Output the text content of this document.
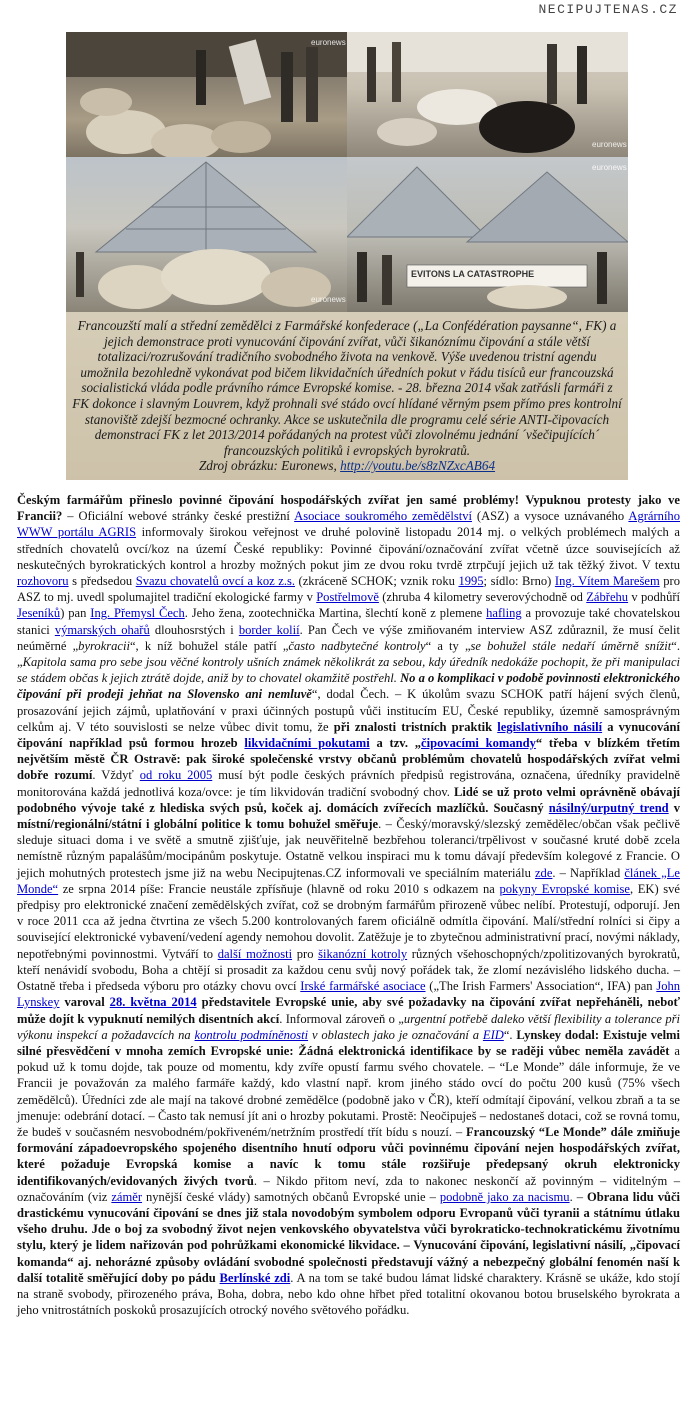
NECIPUJTENAS.CZ
euronews
euronews
euronews
EVITONS LA CATASTROPHE
euronews

Francouzští malí a střední zemědělci z Farmářské konfederace („La Confédération paysanne“, FK) a jejich demonstrace proti vynucování čipování zvířat, vůči šikanóznímu čipování a stále větší totalizaci/rozrušování tradičního svobodného života na venkově. Výše uvedenou tristní agendu umožnila bezohledně vykonávat pod bičem likvidačních úředních pokut v řádu tisíců eur francouzská socialistická vláda podle právního rámce Evropské komise. - 28. března 2014 však zatřásli farmáři z FK dokonce i slavným Louvrem, když prohnali své stádo ovcí hlídané věrným psem přímo pres kontrolní stanoviště zdejší bezmocné ochranky. Akce se uskutečnila dle programu celé série ANTI-čipovacích demonstrací FK z let 2013/2014 pořádaných na protest vůči zlovolnému jednání ´všečipujících´ francouzských politiků i evropských byrokratů.
Zdroj obrázku: Euronews, http://youtu.be/s8zNZxcAB64

Českým farmářům přineslo povinné čipování hospodářských zvířat jen samé problémy! Vypuknou protesty jako ve Francii? – Oficiální webové stránky české prestižní Asociace soukromého zemědělství (ASZ) a vysoce uznávaného Agrárního WWW portálu AGRIS informovaly širokou veřejnost ve druhé polovině listopadu 2014 mj. o velkých problémech malých a středních chovatelů ovcí/koz na území České republiky: Povinné čipování/označování zvířat včetně úzce souvisejících až neskutečných byrokratických kontrol a hrozby možných pokut jim ze dvou roku tvrdě ztrpčují jejich už tak těžký život. V textu rozhovoru s předsedou Svazu chovatelů ovcí a koz z.s. (zkráceně SCHOK; vznik roku 1995; sídlo: Brno) Ing. Vítem Marešem pro ASZ to mj. uvedl spolumajitel tradiční ekologické farmy v Postřelmově (zhruba 4 kilometry severovýchodně od Zábřehu v podhůří Jeseníků) pan Ing. Přemysl Čech. Jeho žena, zootechnička Martina, šlechtí koně z plemene hafling a provozuje také chovatelskou stanici výmarských ohařů dlouhosrstých i border kolií. Pan Čech ve výše zmiňovaném interview ASZ zdůraznil, že musí čelit neúměrné „byrokracii“, k níž bohužel stále patří „často nadbytečné kontroly“ a ty „se bohužel stále nedaří úměrně snížit“. „Kapitola sama pro sebe jsou věčné kontroly ušních známek několikrát za sebou, kdy úředník nedokáže pochopit, že při manipulaci se stádem občas k jejich ztrátě dojde, aniž by to chovatel okamžitě postřehl. No a o komplikaci v podobě povinnosti elektronického čipování při prodeji jehňat na Slovensko ani nemluvě“, dodal Čech. – K úkolům svazu SCHOK patří hájení svých členů, prosazování jejich zájmů, uplatňování v praxi účinných postupů vůči institucím EU, České republiky, územně samosprávným celkům aj. V této souvislosti se nelze vůbec divit tomu, že při znalosti tristních praktik legislativního násilí a vynucování čipování například psů formou hrozeb likvidačními pokutami a tzv. „čipovacími komandy“ třeba v blízkém třetím největším městě ČR Ostravě: pak široké společenské vrstvy občanů problémům chovatelů hospodářských zvířat velmi dobře rozumí. Vždyť od roku 2005 musí být podle českých právních předpisů registrována, označena, úředníky pravidelně monitorována každá jednotlivá koza/ovce: je tím likvidován tradiční svobodný chov. Lidé se už proto velmi oprávněně obávají podobného vývoje také z hlediska svých psů, koček aj. domácích zvířecích mazlíčků. Současný násilný/urputný trend v místní/regionální/státní i globální politice k tomu bohužel směřuje. – Český/moravský/slezský zemědělec/občan však pečlivě sleduje situaci doma i ve světě a smutně zjišťuje, jak neuvěřitelně bezbřehou toleranci/trpělivost v současné kruté době zcela nemístně různým papalášům/mocipánům poskytuje. Ostatně velkou inspiraci mu k tomu dávají především kolegové z Francie. O jejich mohutných protestech jsme již na webu Necipujtenas.CZ informovali ve speciálním materiálu zde. – Například článek „Le Monde“ ze srpna 2014 píše: Francie neustále zpřísňuje (hlavně od roku 2010 s odkazem na pokyny Evropské komise, EK) své předpisy pro elektronické značení zemědělských zvířat, což se drobným farmářům přirozeně vůbec nelíbí. Protestují, odporují. Jen v roce 2011 cca až jedna čtvrtina ze všech 5.200 kontrolovaných farem oficiálně odmítla čipování. Malí/střední rolníci si čipy a související elektronické vybavení/vedení agendy nemohou dovolit. Zatěžuje je to zbytečnou administrativní prací, novými náklady, nepotřebnými povinnostmi. Vytváří to další možnosti pro šikanózní kotroly různých všehoschopných/zpolitizovaných byrokratů, kteří nenávidí svobodu, Boha a chtějí si prosadit za každou cenu svůj nový pořádek tak, že zlomí nezávislého lidského ducha. – Ostatně třeba i předseda výboru pro otázky chovu ovcí Irské farmářské asociace („The Irish Farmers' Association“, IFA) pan John Lynskey varoval 28. května 2014 představitele Evropské unie, aby své požadavky na čipování zvířat nepřeháněli, neboť může dojít k vypuknutí nemilých disentních akcí. Informoval zároveň o „urgentní potřebě daleko větší flexibility a tolerance při výkonu inspekcí a požadavcích na kontrolu podmíněnosti v oblastech jako je označování a EID“. Lynskey dodal: Existuje velmi silné přesvědčení v mnoha zemích Evropské unie: Žádná elektronická identifikace by se raději vůbec neměla zavádět a pokud už k tomu dojde, tak pouze od momentu, kdy zvíře opustí farmu svého chovatele. – “Le Monde” dále informuje, že ve Francii je považován za malého farmáře každý, kdo vlastní např. krom jiného stádo ovcí do počtu 200 kusů (75% všech zemědělců). Úředníci zde ale mají na takové drobné zemědělce (podobně jako v ČR), kteří odmítají čipování, velkou zbraň a ta se jmenuje: odebrání dotací. – Často tak nemusí jít ani o hrozby pokutami. Prostě: Neočipuješ – nedostaneš dotaci, což se rovná tomu, že budeš v současném nesvobodném/pokřiveném/netržním prostředí třít bídu s nouzí. – Francouzský “Le Monde” dále zmiňuje formování západoevropského spojeného disentního hnutí odporu vůči povinnému čipování nejen hospodářských zvířat, které požaduje Evropská komise a navíc k tomu stále rozšiřuje předepsaný okruh elektronicky identifikovaných/evidovaných živých tvorů. – Nikdo přitom neví, zda to nakonec neskončí až povinným – viditelným – označováním (viz záměr nynější české vlády) samotných občanů Evropské unie – podobně jako za nacismu. – Obrana lidu vůči drastickému vynucování čipování se dnes již stala novodobým symbolem odporu Evropanů vůči tyranii a státnímu útlaku všeho druhu. Jde o boj za svobodný život nejen venkovského obyvatelstva vůči byrokraticko-technokratickému životnímu stylu, který je lidem nařizován pod pohrůžkami ekonomické likvidace. – Vynucování čipování, legislativní násilí, „čipovací komanda“ aj. nehorázné způsoby ovládání svobodné společnosti představují vážný a nebezpečný globální fenomén naší k další totalitě směřující doby po pádu Berlínské zdi. A na tom se také budou lámat lidské charaktery. Krásně se ukáže, kdo stojí na straně svobody, přirozeného práva, Boha, dobra, nebo kdo ohne hřbet před totalitní okovanou botou bruselského byrokrata a jeho vnitrostátních poskoků prosazujících otrocký nového světového pořádku.
